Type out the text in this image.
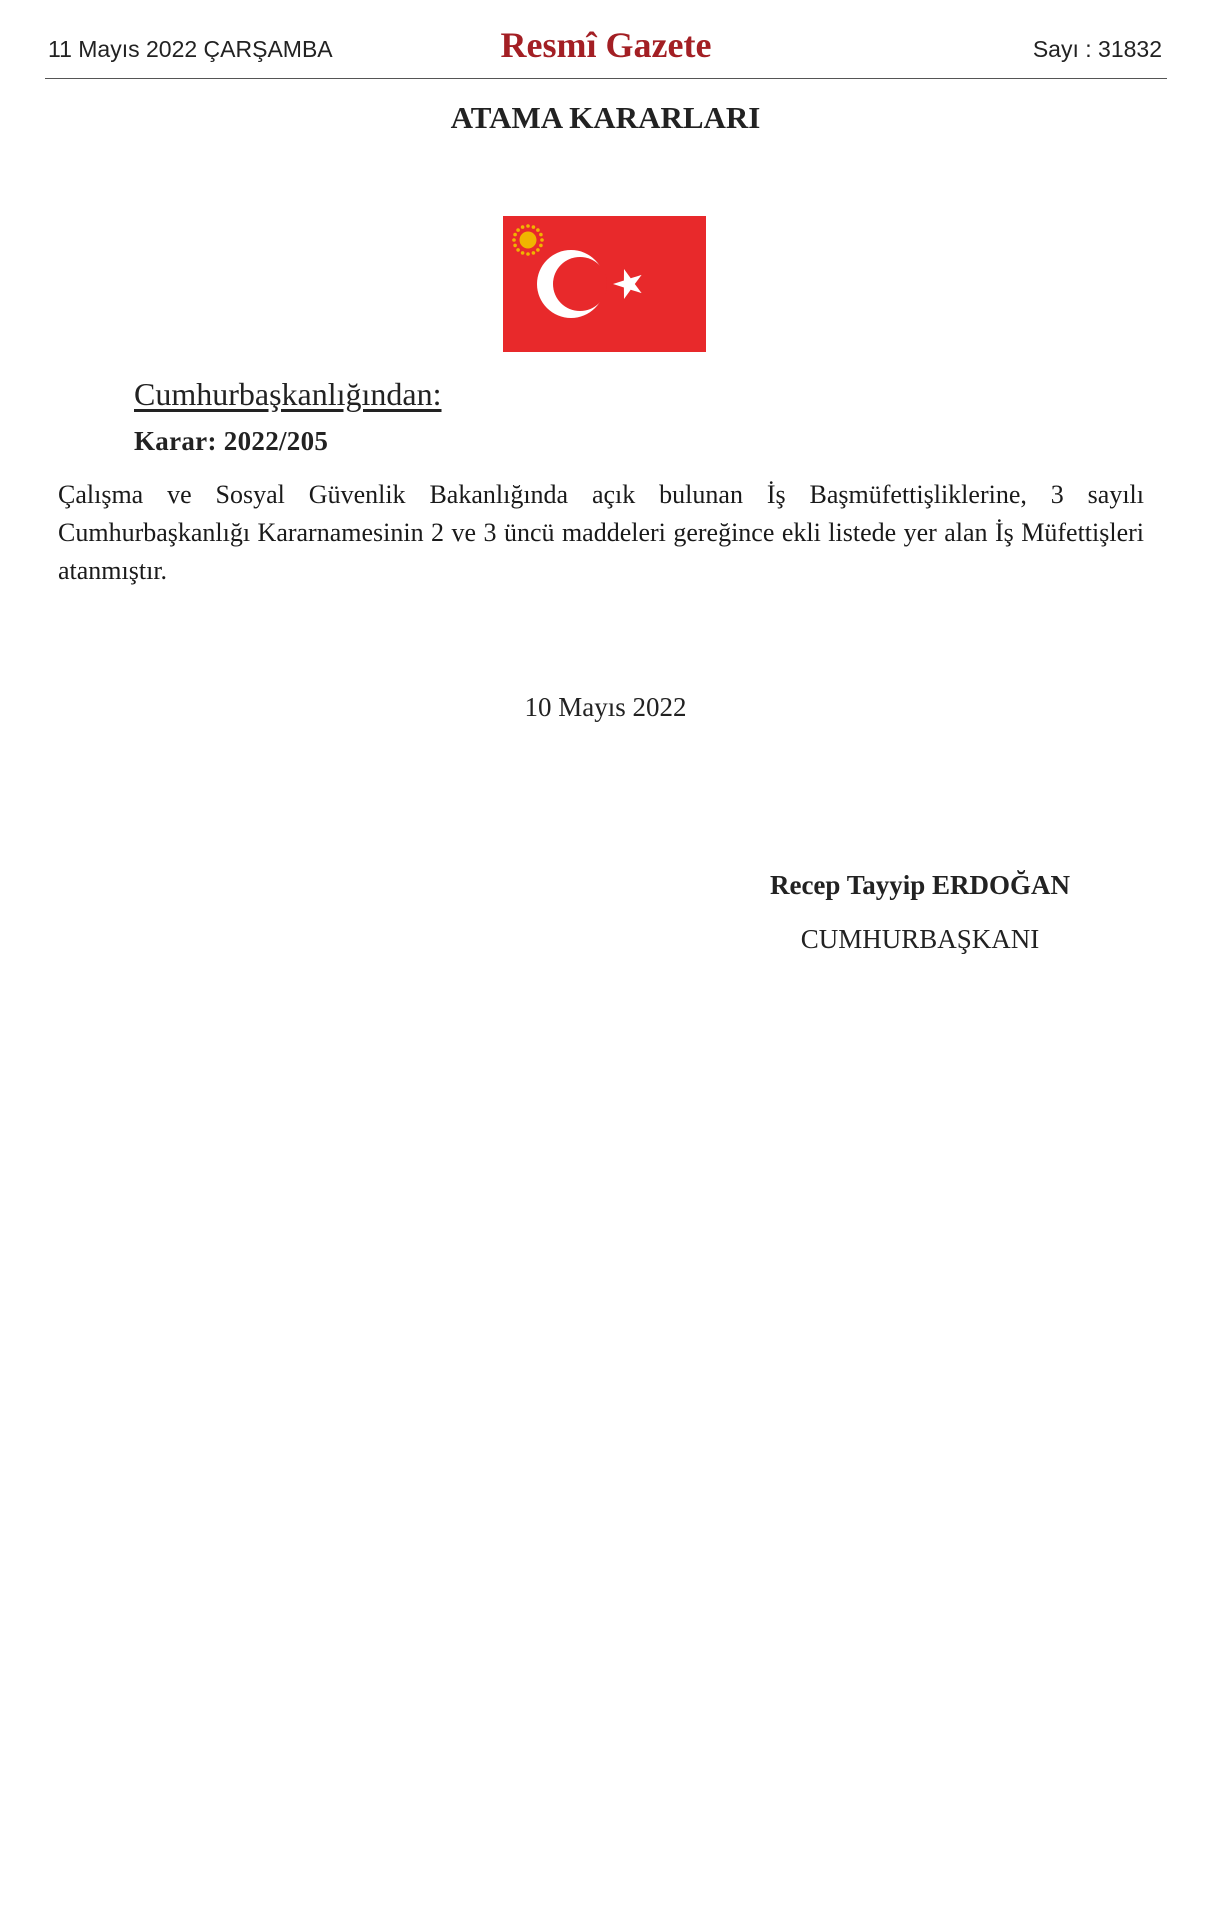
11 Mayıs 2022 ÇARŞAMBA	Resmî Gazete	Sayı : 31832
ATAMA KARARLARI
Cumhurbaşkanlığından:
Karar: 2022/205
Çalışma ve Sosyal Güvenlik Bakanlığında açık bulunan İş Başmüfettişliklerine, 3 sayılı Cumhurbaşkanlığı Kararnamesinin 2 ve 3 üncü maddeleri gereğince ekli listede yer alan İş Müfettişleri atanmıştır.
10 Mayıs 2022
Recep Tayyip ERDOĞAN
CUMHURBAŞKANI
